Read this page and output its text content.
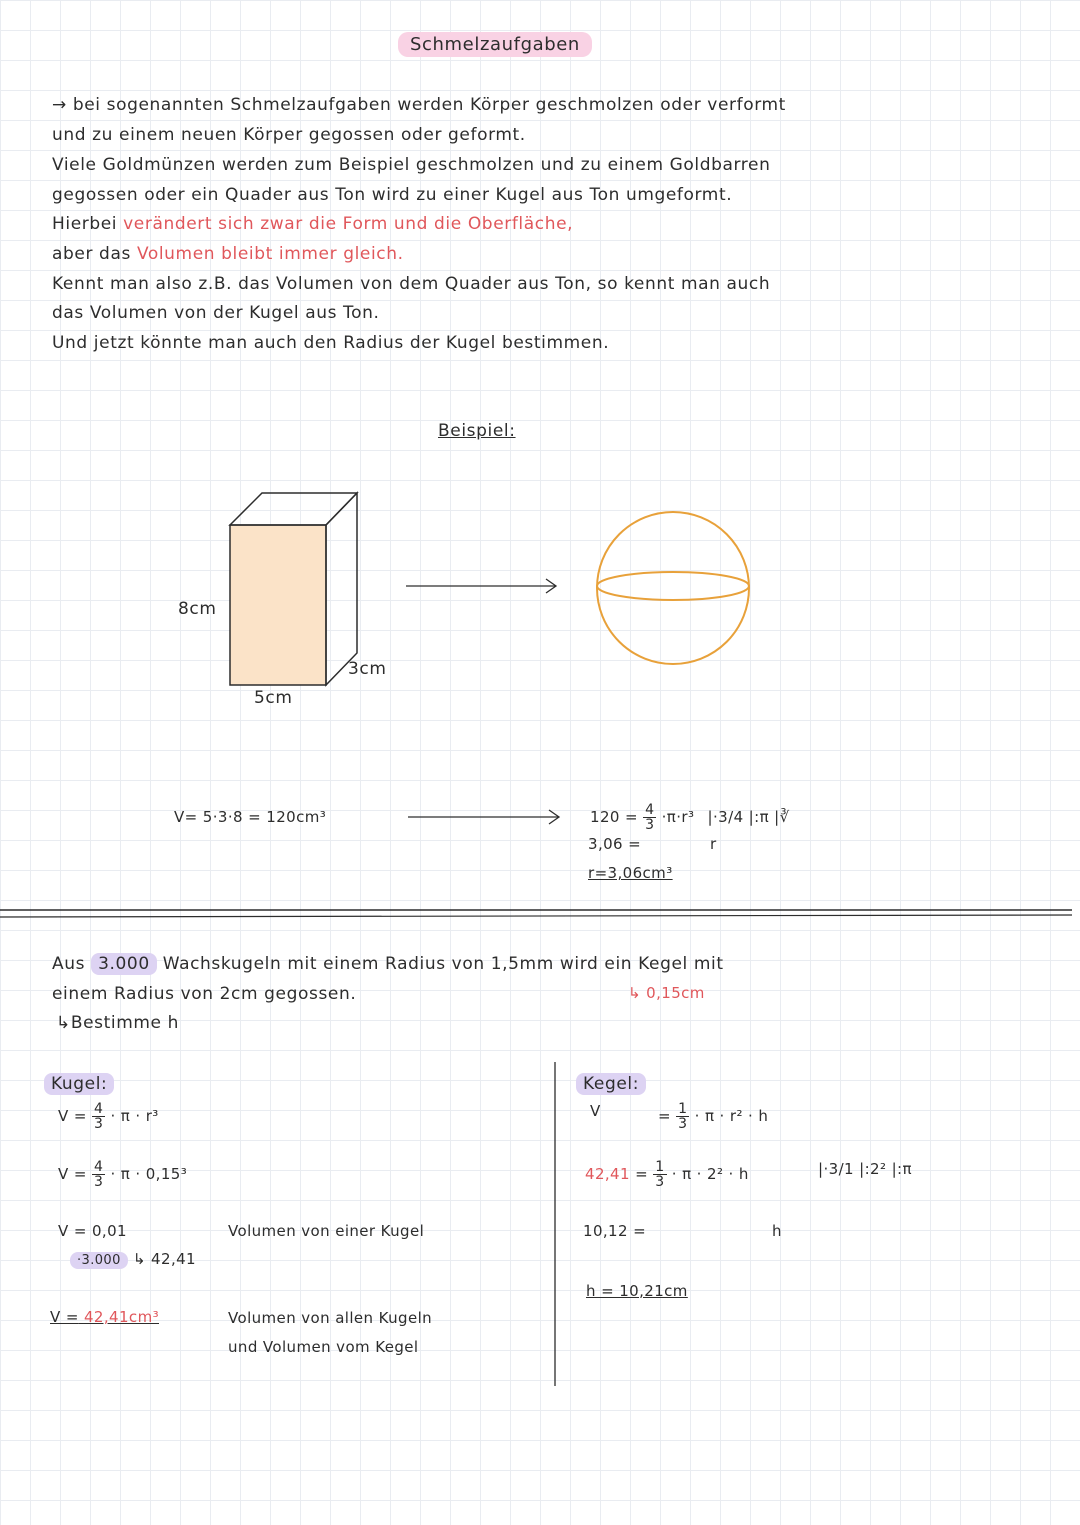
Schmelzaufgaben
→ bei sogenannten Schmelzaufgaben werden Körper geschmolzen oder verformt
und zu einem neuen Körper gegossen oder geformt.
Viele Goldmünzen werden zum Beispiel geschmolzen und zu einem Goldbarren
gegossen oder ein Quader aus Ton wird zu einer Kugel aus Ton umgeformt.
Hierbei verändert sich zwar die Form und die Oberfläche,
aber das Volumen bleibt immer gleich.
Kennt man also z.B. das Volumen von dem Quader aus Ton, so kennt man auch
das Volumen von der Kugel aus Ton.
Und jetzt könnte man auch den Radius der Kugel bestimmen.
Beispiel:
8cm
3cm
5cm
V= 5·3·8 = 120cm³	$120 = \frac{4}{3} \cdot\pi\cdot r^3$ |·3/4 |:π |∛
3,06 =	r
r=3,06cm³
Aus 3.000 Wachskugeln mit einem Radius von 1,5mm wird ein Kegel mit
einem Radius von 2cm gegossen.	↳ 0,15cm
↳Bestimme h
Kugel:
$V = \frac{4}{3} \cdot \pi \cdot r^3$
$V = \frac{4}{3} \cdot \pi \cdot 0,15^3$
V = 0,01
·3.000 ↳ 42,41
Volumen von einer Kugel
V = 42,41cm³	Volumen von allen Kugeln
und Volumen vom Kegel
Kegel:
V	= $\frac{1}{3} \cdot \pi \cdot r^2 \cdot h$
$42,41 = \frac{1}{3} \cdot \pi \cdot 2^2 \cdot h$	|·3/1 |:2² |:π
10,12 =	h
h = 10,21cm
